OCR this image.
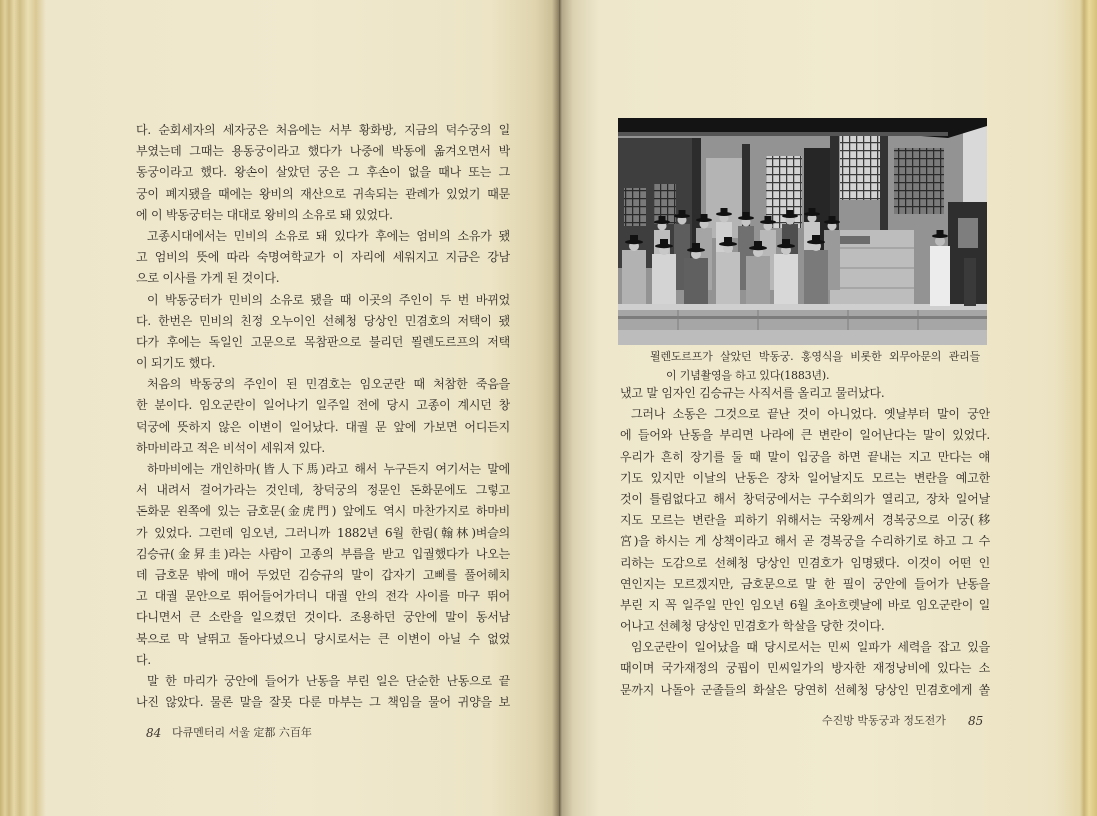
다. 순회세자의 세자궁은 처음에는 서부 황화방, 지금의 덕수궁의 일
부였는데 그때는 용동궁이라고 했다가 나중에 박동에 옮겨오면서 박
동궁이라고 했다. 왕손이 살았던 궁은 그 후손이 없을 때나 또는 그
궁이 폐지됐을 때에는 왕비의 재산으로 귀속되는 관례가 있었기 때문
에 이 박동궁터는 대대로 왕비의 소유로 돼 있었다.
고종시대에서는 민비의 소유로 돼 있다가 후에는 엄비의 소유가 됐
고 엄비의 뜻에 따라 숙명여학교가 이 자리에 세워지고 지금은 강남
으로 이사를 가게 된 것이다.
이 박동궁터가 민비의 소유로 됐을 때 이곳의 주인이 두 번 바뀌었
다. 한번은 민비의 친정 오누이인 선혜청 당상인 민겸호의 저택이 됐
다가 후에는 독일인 고문으로 목참판으로 불리던 묄렌도르프의 저택
이 되기도 했다.
처음의 박동궁의 주인이 된 민겸호는 임오군란 때 처참한 죽음을
한 분이다. 임오군란이 일어나기 일주일 전에 당시 고종이 계시던 창
덕궁에 뜻하지 않은 이변이 일어났다. 대궐 문 앞에 가보면 어디든지
하마비라고 적은 비석이 세워져 있다.
하마비에는 개인하마(皆人下馬)라고 해서 누구든지 여기서는 말에
서 내려서 걸어가라는 것인데, 창덕궁의 정문인 돈화문에도 그렇고
돈화문 왼쪽에 있는 금호문(金虎門) 앞에도 역시 마찬가지로 하마비
가 있었다. 그런데 임오년, 그러니까 1882년 6월 한림(翰林)벼슬의
김승규(金昇圭)라는 사람이 고종의 부름을 받고 입궐했다가 나오는
데 금호문 밖에 매어 두었던 김승규의 말이 갑자기 고삐를 풀어헤치
고 대궐 문안으로 뛰어들어가더니 대궐 안의 전각 사이를 마구 뛰어
다니면서 큰 소란을 일으켰던 것이다. 조용하던 궁안에 말이 동서남
북으로 막 날뛰고 돌아다녔으니 당시로서는 큰 이변이 아닐 수 없었
다.
말 한 마리가 궁안에 들어가 난동을 부린 일은 단순한 난동으로 끝
나진 않았다. 물론 말을 잘못 다룬 마부는 그 책임을 물어 귀양을 보
84 다큐멘터리 서울 定都 六百年
묄렌도르프가 살았던 박동궁. 홍영식을 비롯한 외무아문의 관리들
이 기념촬영을 하고 있다(1883년).
냈고 말 임자인 김승규는 사직서를 올리고 물러났다.
그러나 소동은 그것으로 끝난 것이 아니었다. 옛날부터 말이 궁안
에 들어와 난동을 부리면 나라에 큰 변란이 일어난다는 말이 있었다.
우리가 흔히 장기를 둘 때 말이 입궁을 하면 끝내는 지고 만다는 얘
기도 있지만 이날의 난동은 장차 일어날지도 모르는 변란을 예고한
것이 틀림없다고 해서 창덕궁에서는 구수회의가 열리고, 장차 일어날
지도 모르는 변란을 피하기 위해서는 국왕께서 경복궁으로 이궁(移
宮)을 하시는 게 상책이라고 해서 곧 경복궁을 수리하기로 하고 그 수
리하는 도감으로 선혜청 당상인 민겸호가 임명됐다. 이것이 어떤 인
연인지는 모르겠지만, 금호문으로 말 한 필이 궁안에 들어가 난동을
부린 지 꼭 일주일 만인 임오년 6월 초아흐렛날에 바로 임오군란이 일
어나고 선혜청 당상인 민겸호가 학살을 당한 것이다.
임오군란이 일어났을 때 당시로서는 민씨 일파가 세력을 잡고 있을
때이며 국가재정의 궁핍이 민씨일가의 방자한 재정낭비에 있다는 소
문까지 나돌아 군졸들의 화살은 당연히 선혜청 당상인 민겸호에게 쏠
수진방 박동궁과 정도전가 85
